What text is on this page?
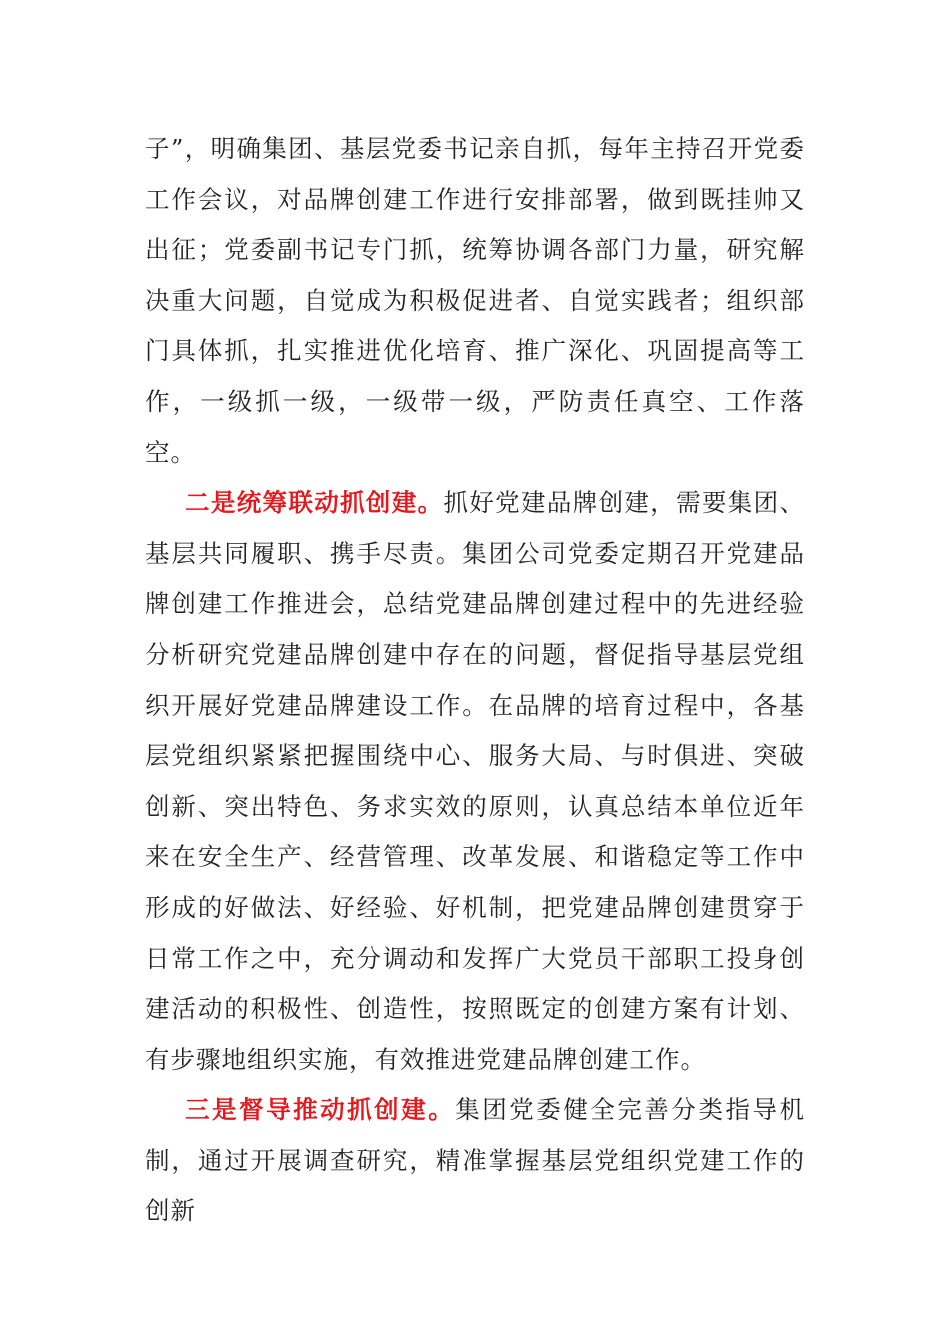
子”，明确集团、基层党委书记亲自抓，每年主持召开党委工作会议，对品牌创建工作进行安排部署，做到既挂帅又出征；党委副书记专门抓，统筹协调各部门力量，研究解决重大问题，自觉成为积极促进者、自觉实践者；组织部门具体抓，扎实推进优化培育、推广深化、巩固提高等工作，一级抓一级，一级带一级，严防责任真空、工作落空。

二是统筹联动抓创建。抓好党建品牌创建，需要集团、基层共同履职、携手尽责。集团公司党委定期召开党建品牌创建工作推进会，总结党建品牌创建过程中的先进经验分析研究党建品牌创建中存在的问题，督促指导基层党组织开展好党建品牌建设工作。在品牌的培育过程中，各基层党组织紧紧把握围绕中心、服务大局、与时俱进、突破创新、突出特色、务求实效的原则，认真总结本单位近年来在安全生产、经营管理、改革发展、和谐稳定等工作中形成的好做法、好经验、好机制，把党建品牌创建贯穿于日常工作之中，充分调动和发挥广大党员干部职工投身创建活动的积极性、创造性，按照既定的创建方案有计划、有步骤地组织实施，有效推进党建品牌创建工作。

三是督导推动抓创建。集团党委健全完善分类指导机制，通过开展调查研究，精准掌握基层党组织党建工作的创新
